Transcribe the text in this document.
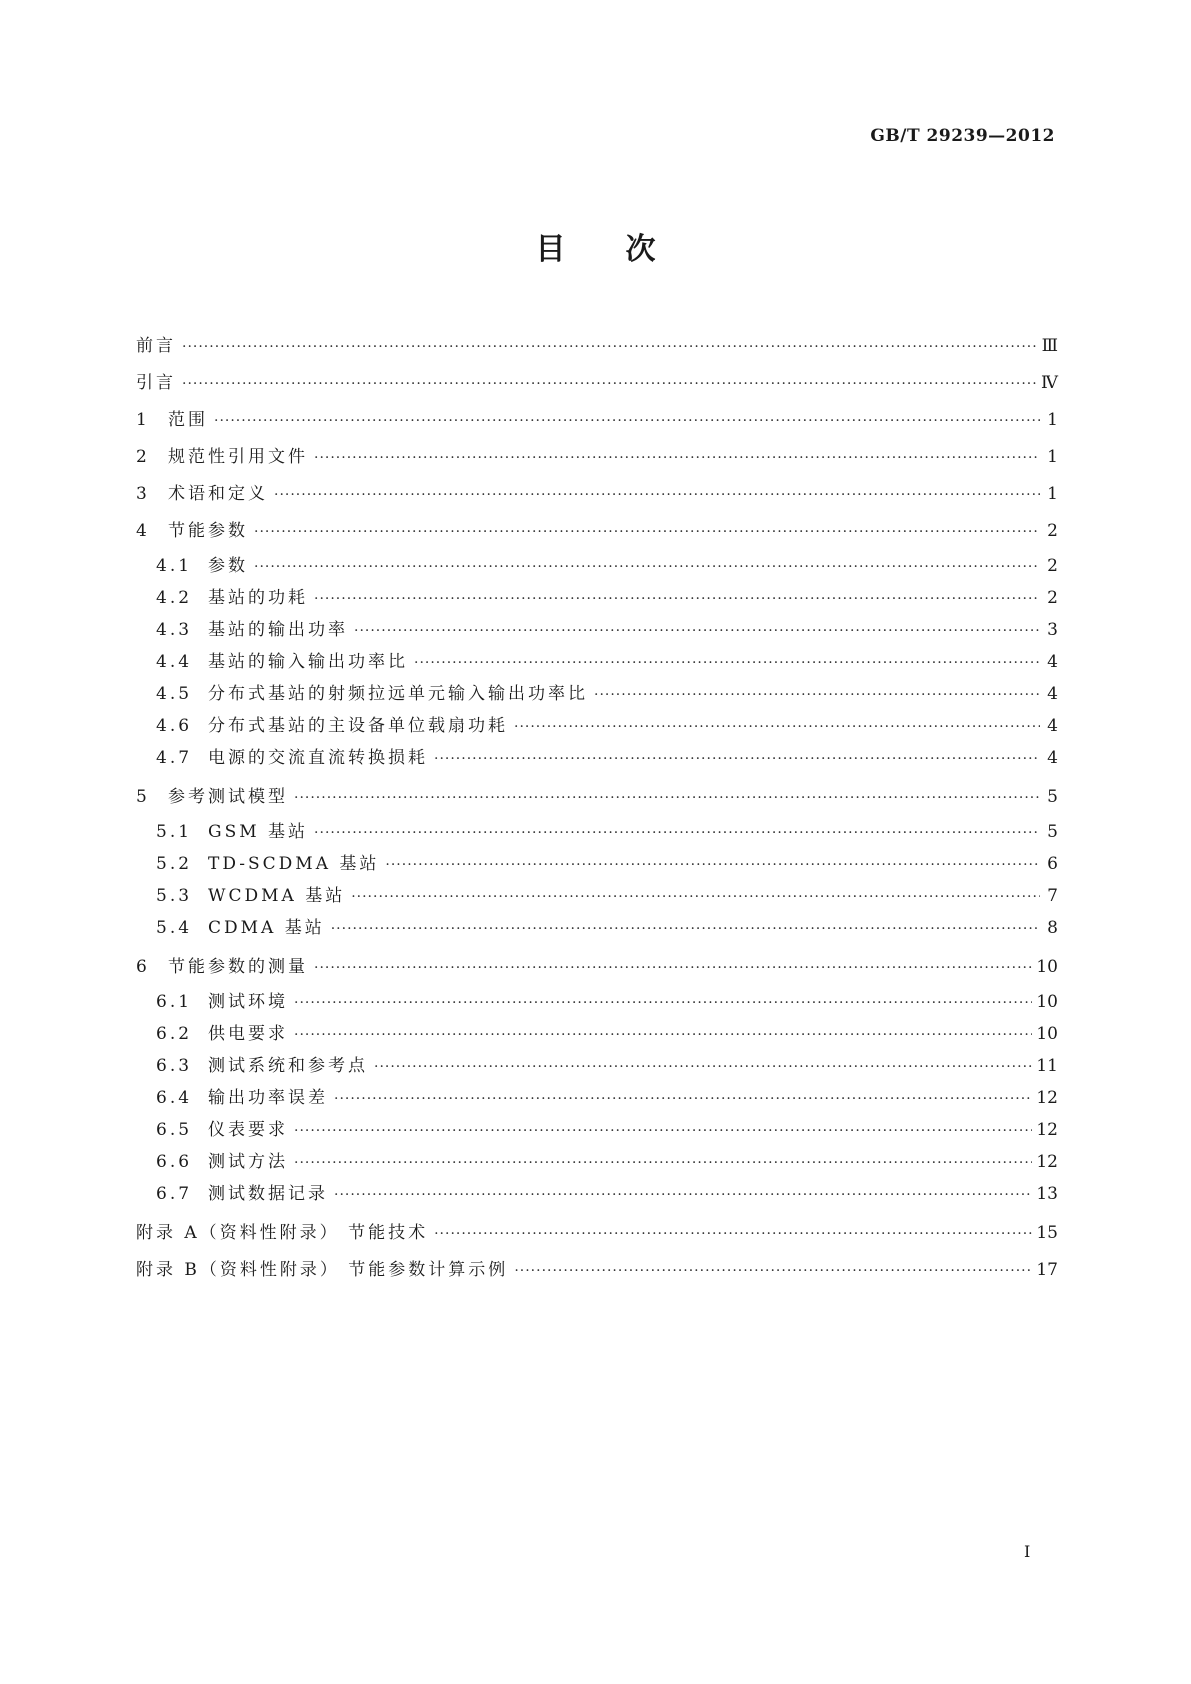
GB/T 29239—2012
目次
前言 ·····	Ⅲ
引言 ·····	Ⅳ
1	范围 ·····	1
2	规范性引用文件 ·····	1
3	术语和定义 ·····	1
4	节能参数 ·····	2
4.1 参数 ·····	2
4.2 基站的功耗 ·····	2
4.3 基站的输出功率 ·····	3
4.4 基站的输入输出功率比 ·····	4
4.5 分布式基站的射频拉远单元输入输出功率比 ·····	4
4.6 分布式基站的主设备单位载扇功耗 ·····	4
4.7 电源的交流直流转换损耗 ·····	4
5	参考测试模型 ·····	5
5.1 GSM 基站 ·····	5
5.2 TD-SCDMA 基站 ·····	6
5.3 WCDMA 基站 ·····	7
5.4 CDMA 基站 ·····	8
6	节能参数的测量 ·····	10
6.1 测试环境 ·····	10
6.2 供电要求 ·····	10
6.3 测试系统和参考点 ·····	11
6.4 输出功率误差 ·····	12
6.5 仪表要求 ·····	12
6.6 测试方法 ·····	12
6.7 测试数据记录 ·····	13
附录 A（资料性附录） 节能技术 ·····	15
附录 B（资料性附录） 节能参数计算示例 ·····	17
I
